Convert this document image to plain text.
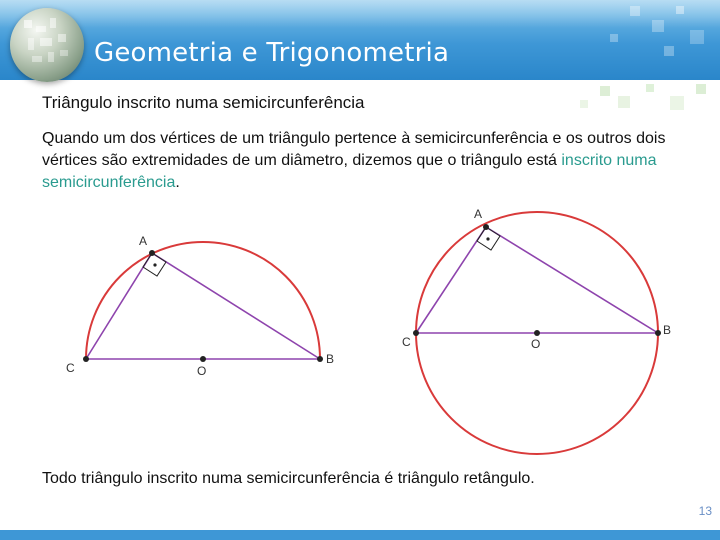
Geometria e Trigonometria
Triângulo inscrito numa semicircunferência
Quando um dos vértices de um triângulo pertence à semicircunferência e os outros dois vértices são extremidades de um diâmetro, dizemos que o triângulo está inscrito numa semicircunferência.
A
C	O
B
A
C	O
B
Todo triângulo inscrito numa semicircunferência é triângulo retângulo.
13
